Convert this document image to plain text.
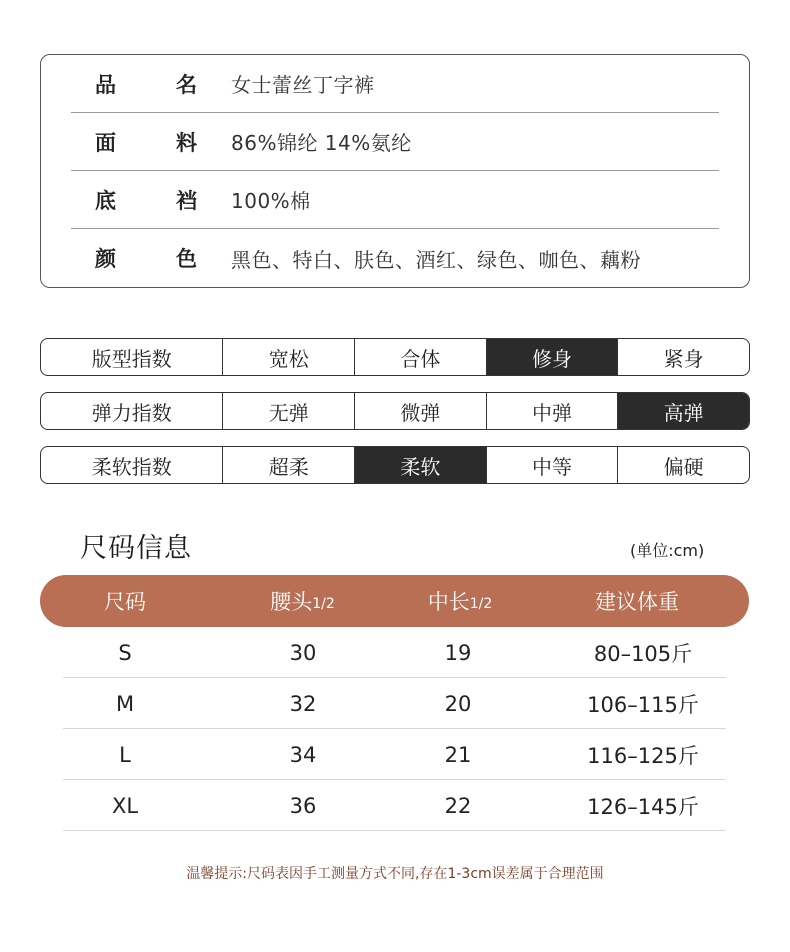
品	名 女士蕾丝丁字裤
面	料 86%锦纶 14%氨纶
底	裆 100%棉
颜	色 黑色、特白、肤色、酒红、绿色、咖色、藕粉
版型指数	宽松	合体	修身	紧身
弹力指数	无弹	微弹	中弹	高弹
柔软指数	超柔	柔软	中等	偏硬
尺码信息	(单位:cm)
尺码	腰头 1/2	中长 1/2	建议体重
S	30	19	80–105斤
M	32	20	106–115斤
L	34	21	116–125斤
XL	36	22	126–145斤
温馨提示:尺码表因手工测量方式不同,存在1-3cm误差属于合理范围
